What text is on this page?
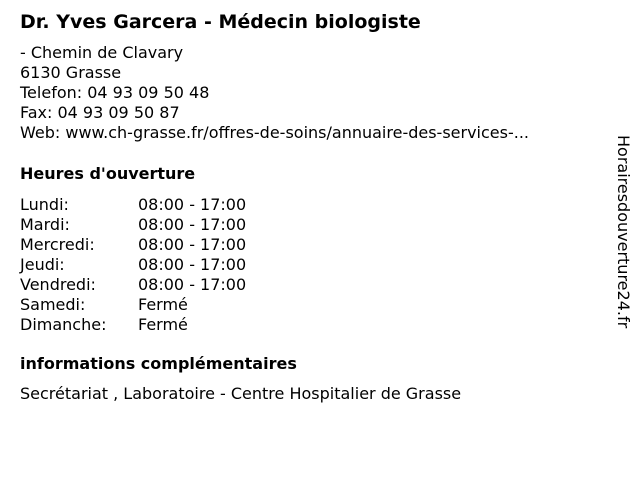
Dr. Yves Garcera - Médecin biologiste
- Chemin de Clavary
6130 Grasse
Telefon: 04 93 09 50 48
Fax: 04 93 09 50 87
Web: www.ch-grasse.fr/offres-de-soins/annuaire-des-services-...
Heures d'ouverture
Lundi:	08:00 - 17:00
Mardi:	08:00 - 17:00
Mercredi:	08:00 - 17:00
Jeudi:	08:00 - 17:00
Vendredi:	08:00 - 17:00
Samedi:	Fermé
Dimanche: Fermé
informations complémentaires
Secrétariat , Laboratoire - Centre Hospitalier de Grasse
Horairesdouverture24.fr
